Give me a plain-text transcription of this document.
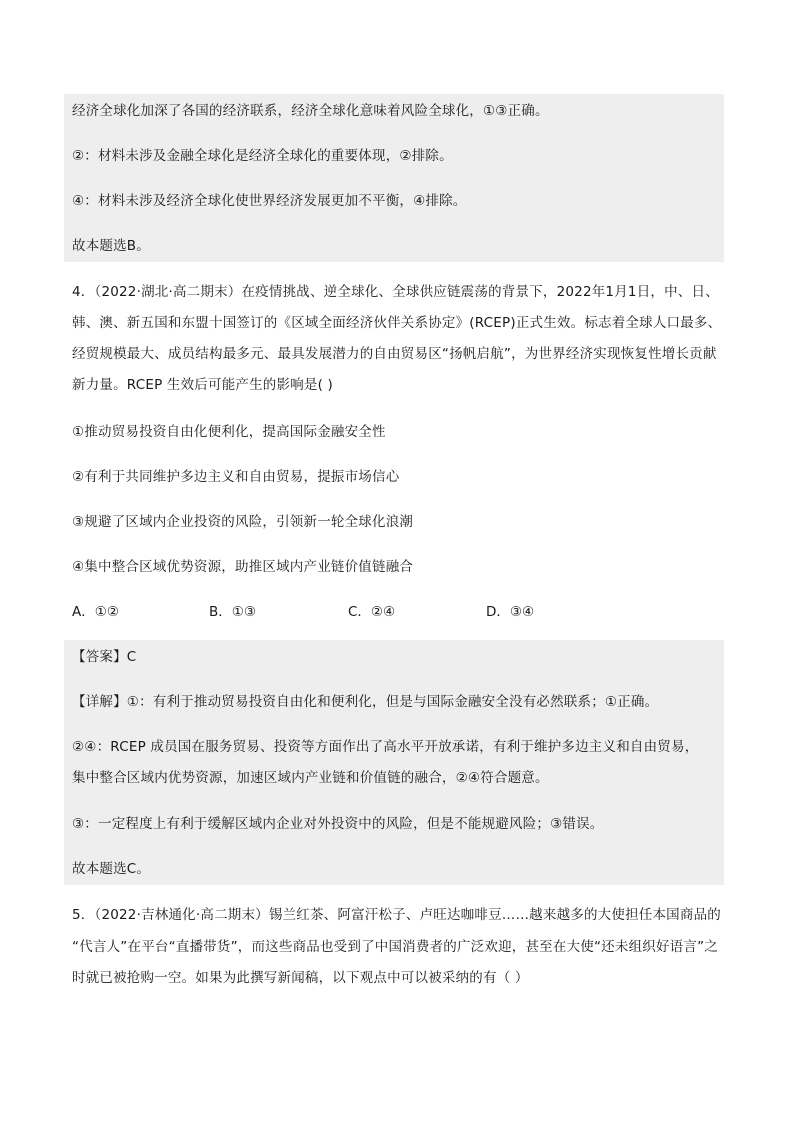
经济全球化加深了各国的经济联系，经济全球化意味着风险全球化，①③正确。
②：材料未涉及金融全球化是经济全球化的重要体现，②排除。
④：材料未涉及经济全球化使世界经济发展更加不平衡，④排除。
故本题选B。
4．（2022·湖北·高二期末）在疫情挑战、逆全球化、全球供应链震荡的背景下，2022年1月1日，中、日、
韩、澳、新五国和东盟十国签订的《区域全面经济伙伴关系协定》(RCEP)正式生效。标志着全球人口最多、
经贸规模最大、成员结构最多元、最具发展潜力的自由贸易区“扬帆启航”，为世界经济实现恢复性增长贡献
新力量。RCEP 生效后可能产生的影响是( )
①推动贸易投资自由化便利化，提高国际金融安全性
②有利于共同维护多边主义和自由贸易，提振市场信心
③规避了区域内企业投资的风险，引领新一轮全球化浪潮
④集中整合区域优势资源，助推区域内产业链价值链融合
A．①②	B．①③	C．②④	D．③④
【答案】C
【详解】①：有利于推动贸易投资自由化和便利化，但是与国际金融安全没有必然联系；①正确。
②④：RCEP 成员国在服务贸易、投资等方面作出了高水平开放承诺，有利于维护多边主义和自由贸易，
集中整合区域内优势资源，加速区域内产业链和价值链的融合，②④符合题意。
③：一定程度上有利于缓解区域内企业对外投资中的风险，但是不能规避风险；③错误。
故本题选C。
5．（2022·吉林通化·高二期末）锡兰红茶、阿富汗松子、卢旺达咖啡豆……越来越多的大使担任本国商品的
“代言人”在平台“直播带货”，而这些商品也受到了中国消费者的广泛欢迎，甚至在大使“还未组织好语言”之
时就已被抢购一空。如果为此撰写新闻稿，以下观点中可以被采纳的有（ ）
